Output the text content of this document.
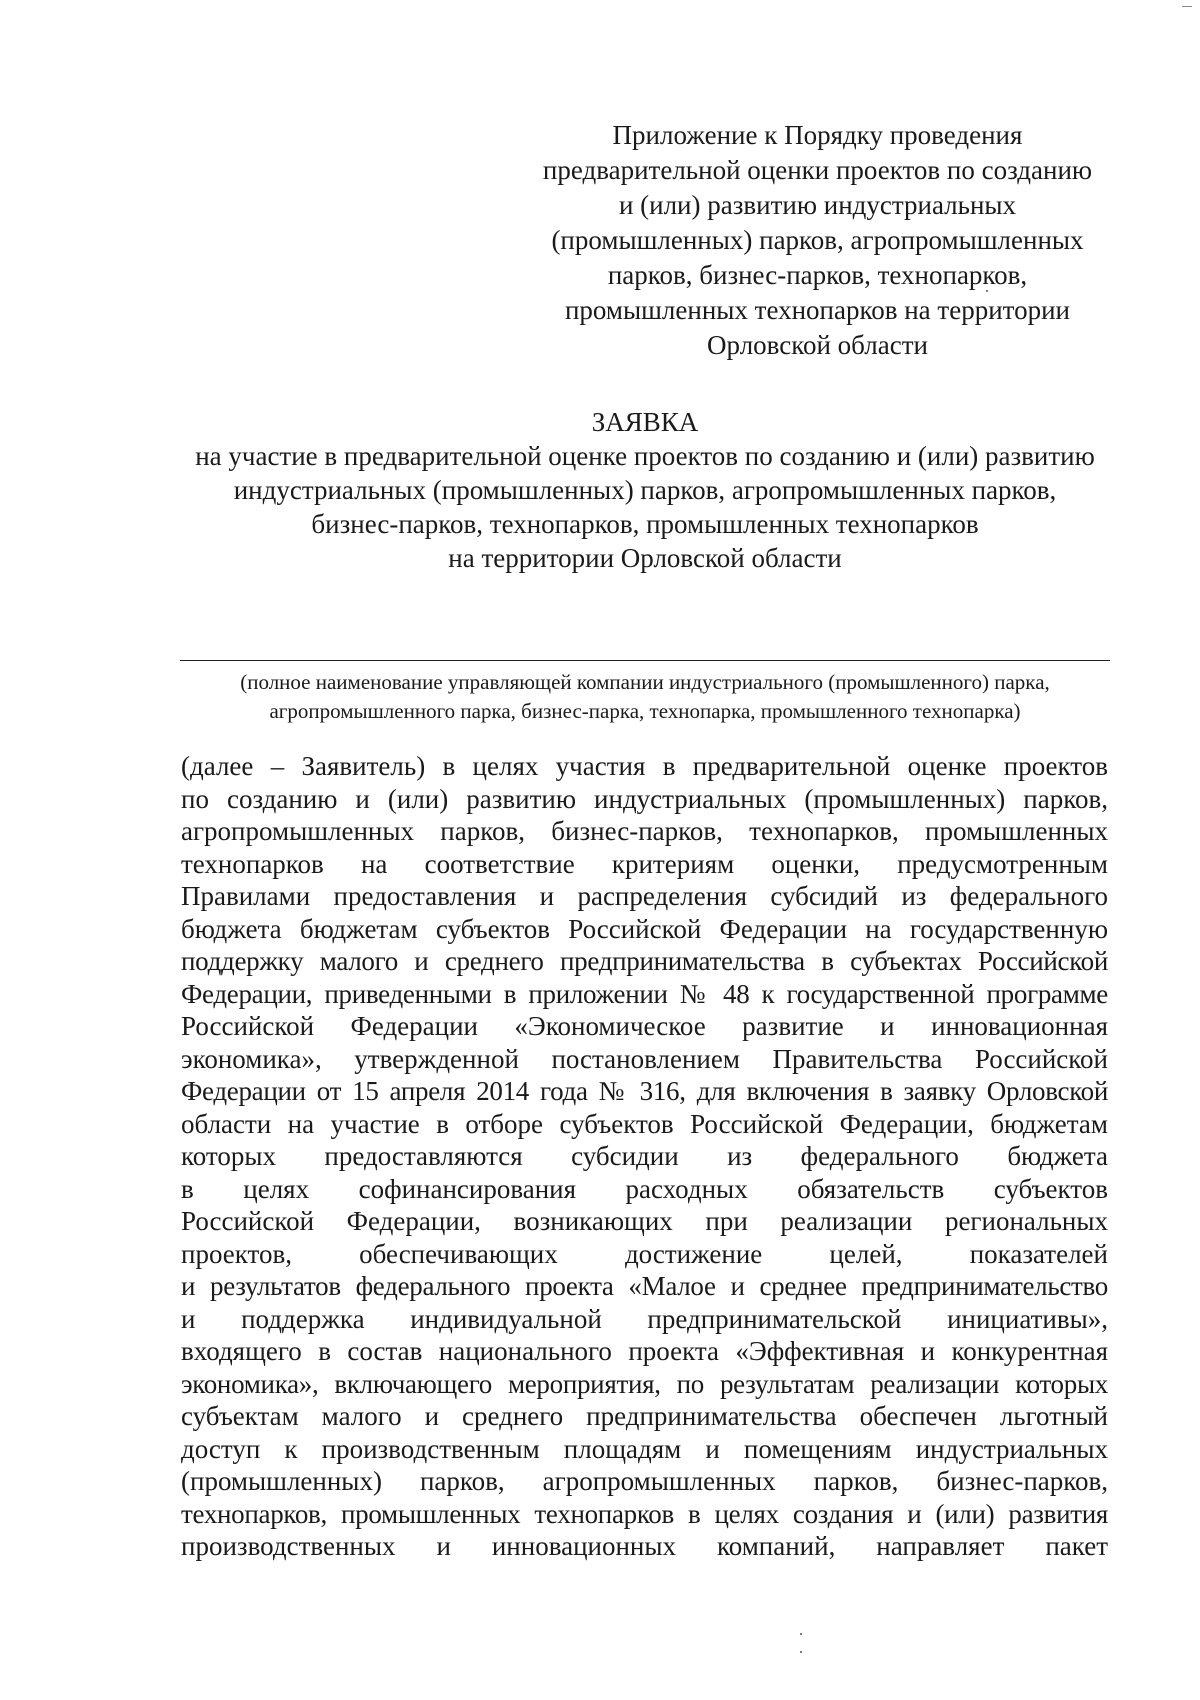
Приложение к Порядку проведения
предварительной оценки проектов по созданию
и (или) развитию индустриальных
(промышленных) парков, агропромышленных
парков, бизнес-парков, технопарков,
промышленных технопарков на территории
Орловской области
ЗАЯВКА
на участие в предварительной оценке проектов по созданию и (или) развитию
индустриальных (промышленных) парков, агропромышленных парков,
бизнес-парков, технопарков, промышленных технопарков
на территории Орловской области
(полное наименование управляющей компании индустриального (промышленного) парка,
агропромышленного парка, бизнес-парка, технопарка, промышленного технопарка)
(далее – Заявитель) в целях участия в предварительной оценке проектов
по созданию и (или) развитию индустриальных (промышленных) парков,
агропромышленных парков, бизнес-парков, технопарков, промышленных
технопарков на соответствие критериям оценки, предусмотренным
Правилами предоставления и распределения субсидий из федерального
бюджета бюджетам субъектов Российской Федерации на государственную
поддержку малого и среднего предпринимательства в субъектах Российской
Федерации, приведенными в приложении № 48 к государственной программе
Российской Федерации «Экономическое развитие и инновационная
экономика», утвержденной постановлением Правительства Российской
Федерации от 15 апреля 2014 года № 316, для включения в заявку Орловской
области на участие в отборе субъектов Российской Федерации, бюджетам
которых предоставляются субсидии из федерального бюджета
в целях софинансирования расходных обязательств субъектов
Российской Федерации, возникающих при реализации региональных
проектов, обеспечивающих достижение целей, показателей
и результатов федерального проекта «Малое и среднее предпринимательство
и поддержка индивидуальной предпринимательской инициативы»,
входящего в состав национального проекта «Эффективная и конкурентная
экономика», включающего мероприятия, по результатам реализации которых
субъектам малого и среднего предпринимательства обеспечен льготный
доступ к производственным площадям и помещениям индустриальных
(промышленных) парков, агропромышленных парков, бизнес-парков,
технопарков, промышленных технопарков в целях создания и (или) развития
производственных и инновационных компаний, направляет пакет
